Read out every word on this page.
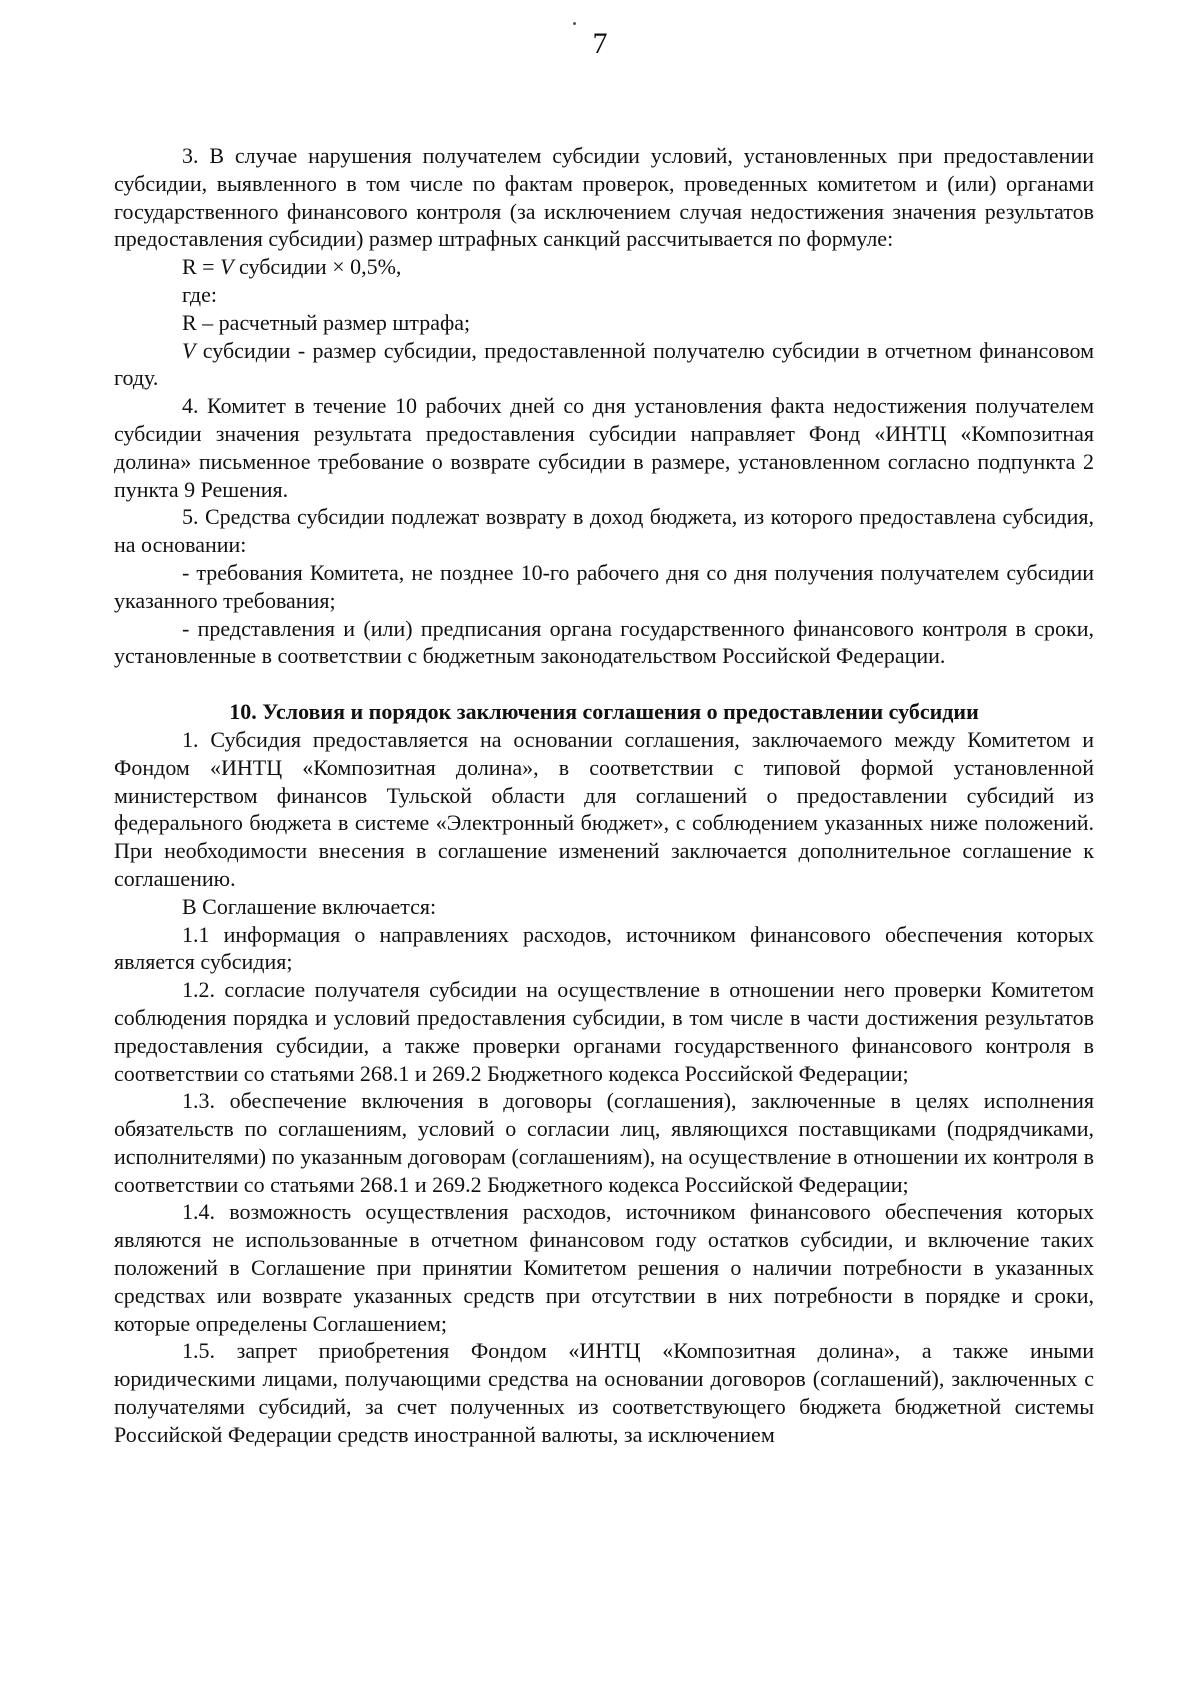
7

3. В случае нарушения получателем субсидии условий, установленных при предоставлении субсидии, выявленного в том числе по фактам проверок, проведенных комитетом и (или) органами государственного финансового контроля (за исключением случая недостижения значения результатов предоставления субсидии) размер штрафных санкций рассчитывается по формуле:

R = V субсидии × 0,5%,

где:

R – расчетный размер штрафа;

V субсидии - размер субсидии, предоставленной получателю субсидии в отчетном финансовом году.

4. Комитет в течение 10 рабочих дней со дня установления факта недостижения получателем субсидии значения результата предоставления субсидии направляет Фонд «ИНТЦ «Композитная долина» письменное требование о возврате субсидии в размере, установленном согласно подпункта 2 пункта 9 Решения.

5. Средства субсидии подлежат возврату в доход бюджета, из которого предоставлена субсидия, на основании:

- требования Комитета, не позднее 10-го рабочего дня со дня получения получателем субсидии указанного требования;

- представления и (или) предписания органа государственного финансового контроля в сроки, установленные в соответствии с бюджетным законодательством Российской Федерации.

10. Условия и порядок заключения соглашения о предоставлении субсидии

1. Субсидия предоставляется на основании соглашения, заключаемого между Комитетом и Фондом «ИНТЦ «Композитная долина», в соответствии с типовой формой установленной министерством финансов Тульской области для соглашений о предоставлении субсидий из федерального бюджета в системе «Электронный бюджет», с соблюдением указанных ниже положений. При необходимости внесения в соглашение изменений заключается дополнительное соглашение к соглашению.

В Соглашение включается:

1.1 информация о направлениях расходов, источником финансового обеспечения которых является субсидия;

1.2. согласие получателя субсидии на осуществление в отношении него проверки Комитетом соблюдения порядка и условий предоставления субсидии, в том числе в части достижения результатов предоставления субсидии, а также проверки органами государственного финансового контроля в соответствии со статьями 268.1 и 269.2 Бюджетного кодекса Российской Федерации;

1.3. обеспечение включения в договоры (соглашения), заключенные в целях исполнения обязательств по соглашениям, условий о согласии лиц, являющихся поставщиками (подрядчиками, исполнителями) по указанным договорам (соглашениям), на осуществление в отношении их контроля в соответствии со статьями 268.1 и 269.2 Бюджетного кодекса Российской Федерации;

1.4. возможность осуществления расходов, источником финансового обеспечения которых являются не использованные в отчетном финансовом году остатков субсидии, и включение таких положений в Соглашение при принятии Комитетом решения о наличии потребности в указанных средствах или возврате указанных средств при отсутствии в них потребности в порядке и сроки, которые определены Соглашением;

1.5. запрет приобретения Фондом «ИНТЦ «Композитная долина», а также иными юридическими лицами, получающими средства на основании договоров (соглашений), заключенных с получателями субсидий, за счет полученных из соответствующего бюджета бюджетной системы Российской Федерации средств иностранной валюты, за исключением
